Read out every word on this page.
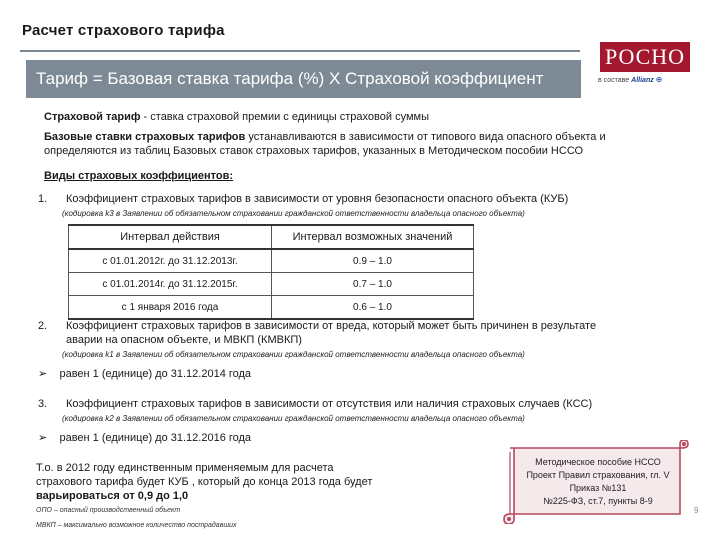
Расчет страхового тарифа
Тариф = Базовая ставка тарифа (%) Х Страховой коэффициент
РОСНО
в составе Allianz ⊕
Страховой тариф - ставка страховой премии с единицы страховой суммы
Базовые ставки страховых тарифов устанавливаются в зависимости от типового вида опасного объекта и
определяются из таблиц Базовых ставок страховых тарифов, указанных в Методическом пособии НССО
Виды страховых коэффициентов:
1. Коэффициент страховых тарифов в зависимости от уровня безопасности опасного объекта (КУБ)
(кодировка k3 в Заявлении об обязательном страховании гражданской ответственности владельца опасного объекта)
Интервал действия	Интервал возможных значений
с 01.01.2012г. до 31.12.2013г.	0.9 – 1.0
с 01.01.2014г. до 31.12.2015г.	0.7 – 1.0
с 1 января 2016 года	0.6 – 1.0
2. Коэффициент страховых тарифов в зависимости от вреда, который может быть причинен в результате
аварии на опасном объекте, и МВКП (КМВКП)
(кодировка k1 в Заявлении об обязательном страховании гражданской ответственности владельца опасного объекта)
➢ равен 1 (единице) до 31.12.2014 года
3. Коэффициент страховых тарифов в зависимости от отсутствия или наличия страховых случаев (КСС)
(кодировка k2 в Заявлении об обязательном страховании гражданской ответственности владельца опасного объекта)
➢ равен 1 (единице) до 31.12.2016 года
Т.о. в 2012 году единственным применяемым для расчета
страхового тарифа будет КУБ , который до конца 2013 года будет
варьироваться от 0,9 до 1,0
ОПО – опасный производственный объект
МВКП – максимально возможное количество пострадавших
Методическое пособие НССО
Проект Правил страхования, гл. V
Приказ №131
№225-ФЗ, ст.7, пункты 8-9
9
